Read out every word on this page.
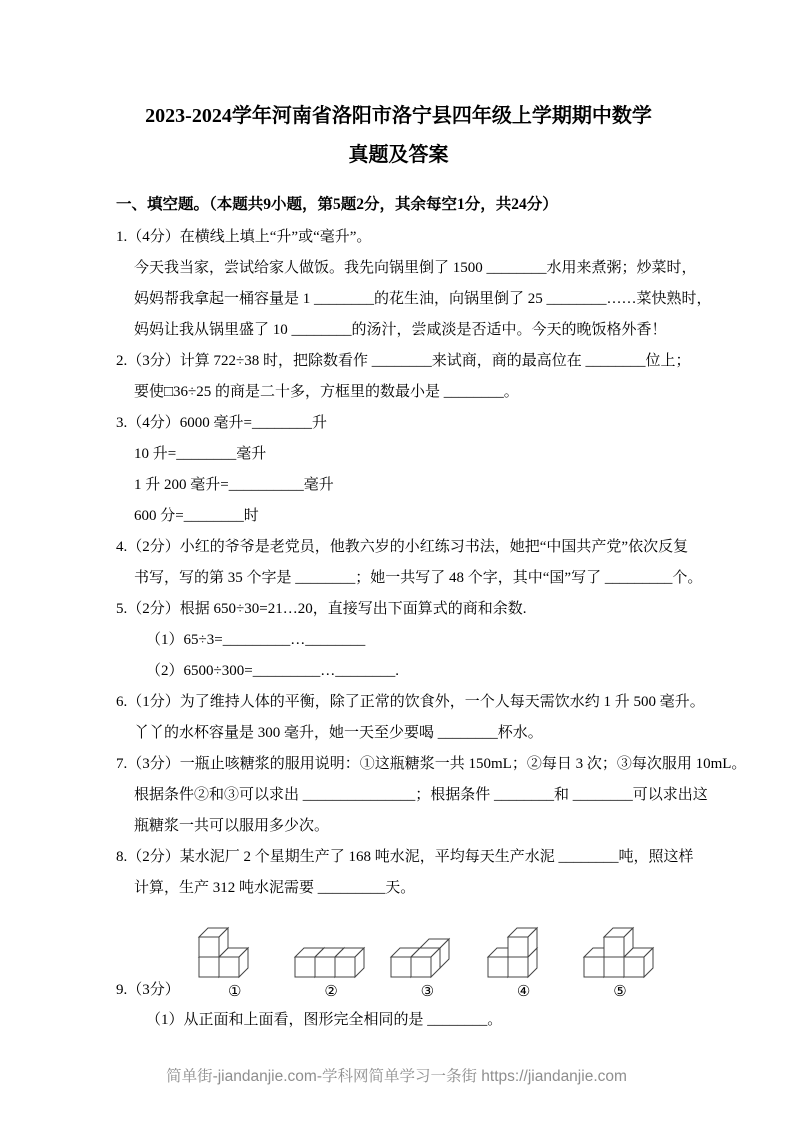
2023-2024学年河南省洛阳市洛宁县四年级上学期期中数学
真题及答案
一、填空题。（本题共9小题，第5题2分，其余每空1分，共24分）

1.（4分）在横线上填上“升”或“毫升”。

今天我当家，尝试给家人做饭。我先向锅里倒了 1500 ________水用来煮粥；炒菜时，

妈妈帮我拿起一桶容量是 1 ________的花生油，向锅里倒了 25 ________……菜快熟时，

妈妈让我从锅里盛了 10 ________的汤汁，尝咸淡是否适中。今天的晚饭格外香！

2.（3分）计算 722÷38 时，把除数看作 ________来试商，商的最高位在 ________位上；

要使□36÷25 的商是二十多，方框里的数最小是 ________。

3.（4分）6000 毫升=________升

10 升=________毫升

1 升 200 毫升=__________毫升

600 分=________时

4.（2分）小红的爷爷是老党员，他教六岁的小红练习书法，她把“中国共产党”依次反复

书写，写的第 35 个字是 ________；她一共写了 48 个字，其中“国”写了 _________个。

5.（2分）根据 650÷30=21…20，直接写出下面算式的商和余数.

（1）65÷3=_________…________

（2）6500÷300=_________…________.

6.（1分）为了维持人体的平衡，除了正常的饮食外，一个人每天需饮水约 1 升 500 毫升。

丫丫的水杯容量是 300 毫升，她一天至少要喝 ________杯水。

7.（3分）一瓶止咳糖浆的服用说明：①这瓶糖浆一共 150mL；②每日 3 次；③每次服用 10mL。

根据条件②和③可以求出 _______________；根据条件 ________和 ________可以求出这

瓶糖浆一共可以服用多少次。

8.（2分）某水泥厂 2 个星期生产了 168 吨水泥，平均每天生产水泥 ________吨，照这样

计算，生产 312 吨水泥需要 _________天。

9.（3分）	①	②	③	④	⑤

（1）从正面和上面看，图形完全相同的是 ________。

简单街-jiandanjie.com-学科网简单学习一条街 https://jiandanjie.com
